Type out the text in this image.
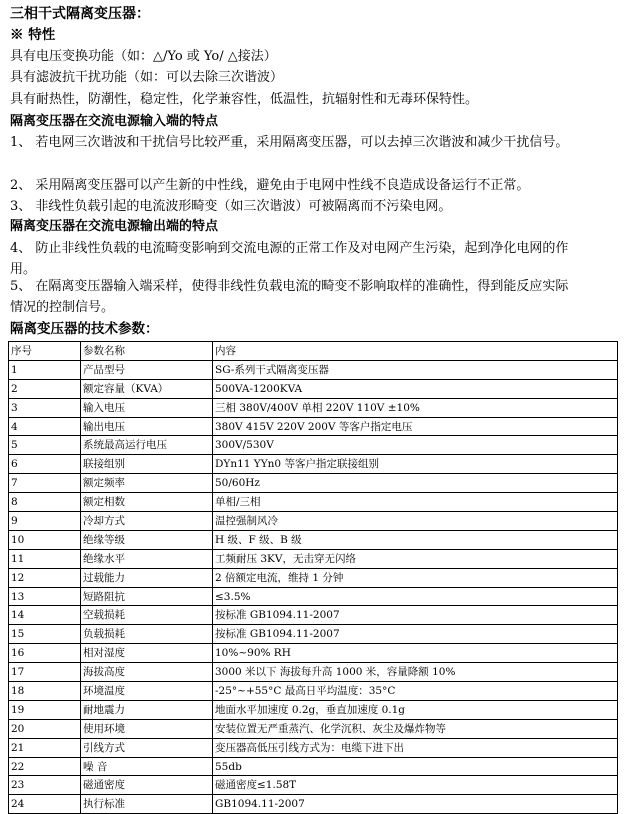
三相干式隔离变压器：
※ 特性
具有电压变换功能（如：△/Yo 或 Yo/ △接法）
具有滤波抗干扰功能（如：可以去除三次谐波）
具有耐热性，防潮性，稳定性，化学兼容性，低温性，抗辐射性和无毒环保特性。
隔离变压器在交流电源输入端的特点
1、 若电网三次谐波和干扰信号比较严重，采用隔离变压器，可以去掉三次谐波和减少干扰信号。
2、 采用隔离变压器可以产生新的中性线，避免由于电网中性线不良造成设备运行不正常。
3、 非线性负载引起的电流波形畸变（如三次谐波）可被隔离而不污染电网。
隔离变压器在交流电源输出端的特点
4、 防止非线性负载的电流畸变影响到交流电源的正常工作及对电网产生污染，起到净化电网的作用。
5、 在隔离变压器输入端采样，使得非线性负载电流的畸变不影响取样的准确性，得到能反应实际情况的控制信号。
隔离变压器的技术参数：
序号	参数名称	内容
1	产品型号	SG-系列干式隔离变压器
2	额定容量（KVA）	500VA-1200KVA
3	输入电压	三相 380V/400V 单相 220V 110V ±10%
4	输出电压	380V 415V 220V 200V 等客户指定电压
5	系统最高运行电压	300V/530V
6	联接组别	DYn11 YYn0 等客户指定联接组别
7	额定频率	50/60Hz
8	额定相数	单相/三相
9	冷却方式	温控强制风冷
10	绝缘等级	H 级、F 级、B 级
11	绝缘水平	工频耐压 3KV，无击穿无闪络
12	过载能力	2 倍额定电流，维持 1 分钟
13	短路阻抗	≤3.5%
14	空载损耗	按标准 GB1094.11-2007
15	负载损耗	按标准 GB1094.11-2007
16	相对湿度	10%~90% RH
17	海拔高度	3000 米以下 海拔每升高 1000 米，容量降额 10%
18	环境温度	-25°~+55°C 最高日平均温度：35°C
19	耐地震力	地面水平加速度 0.2g，垂直加速度 0.1g
20	使用环境	安装位置无严重蒸汽、化学沉积、灰尘及爆炸物等
21	引线方式	变压器高低压引线方式为：电缆下进下出
22	噪 音	55db
23	磁通密度	磁通密度≤1.58T
24	执行标准	GB1094.11-2007
